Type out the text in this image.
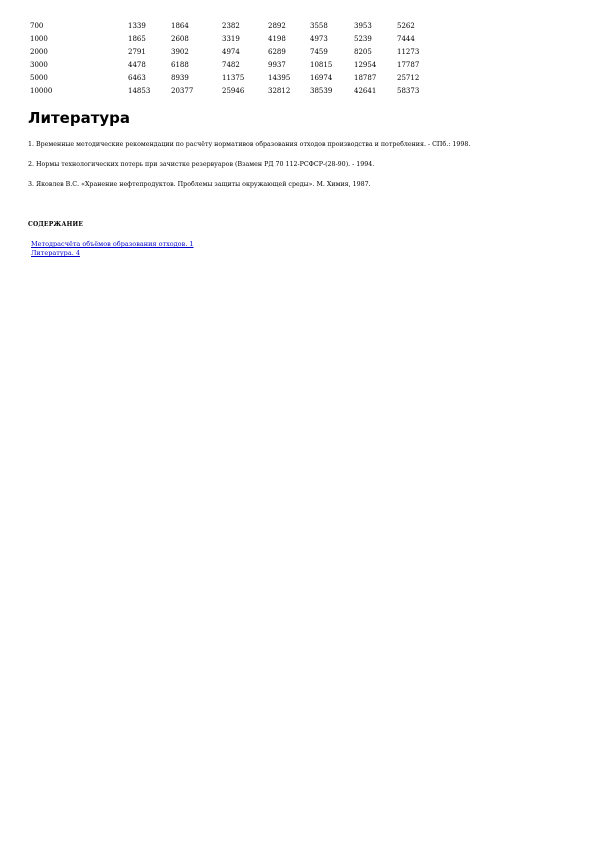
700	1339	1864	2382	2892	3558	3953	5262
1000	1865	2608	3319	4198	4973	5239	7444
2000	2791	3902	4974	6289	7459	8205	11273
3000	4478	6188	7482	9937	10815	12954	17787
5000	6463	8939	11375	14395	16974	18787	25712
10000	14853	20377	25946	32812	38539	42641	58373
Литература
1. Временные методические рекомендации по расчёту нормативов образования отходов производства и потребления. - СПб.: 1998.
2. Нормы технологических потерь при зачистке резервуаров (Взамен РД 70 112-РСФСР-(28-90). - 1994.
3. Яковлев В.С. «Хранение нефтепродуктов. Проблемы защиты окружающей среды». М. Химия, 1987.

СОДЕРЖАНИЕ

Методрасчёта объёмов образования отходов. 1
Литература. 4
